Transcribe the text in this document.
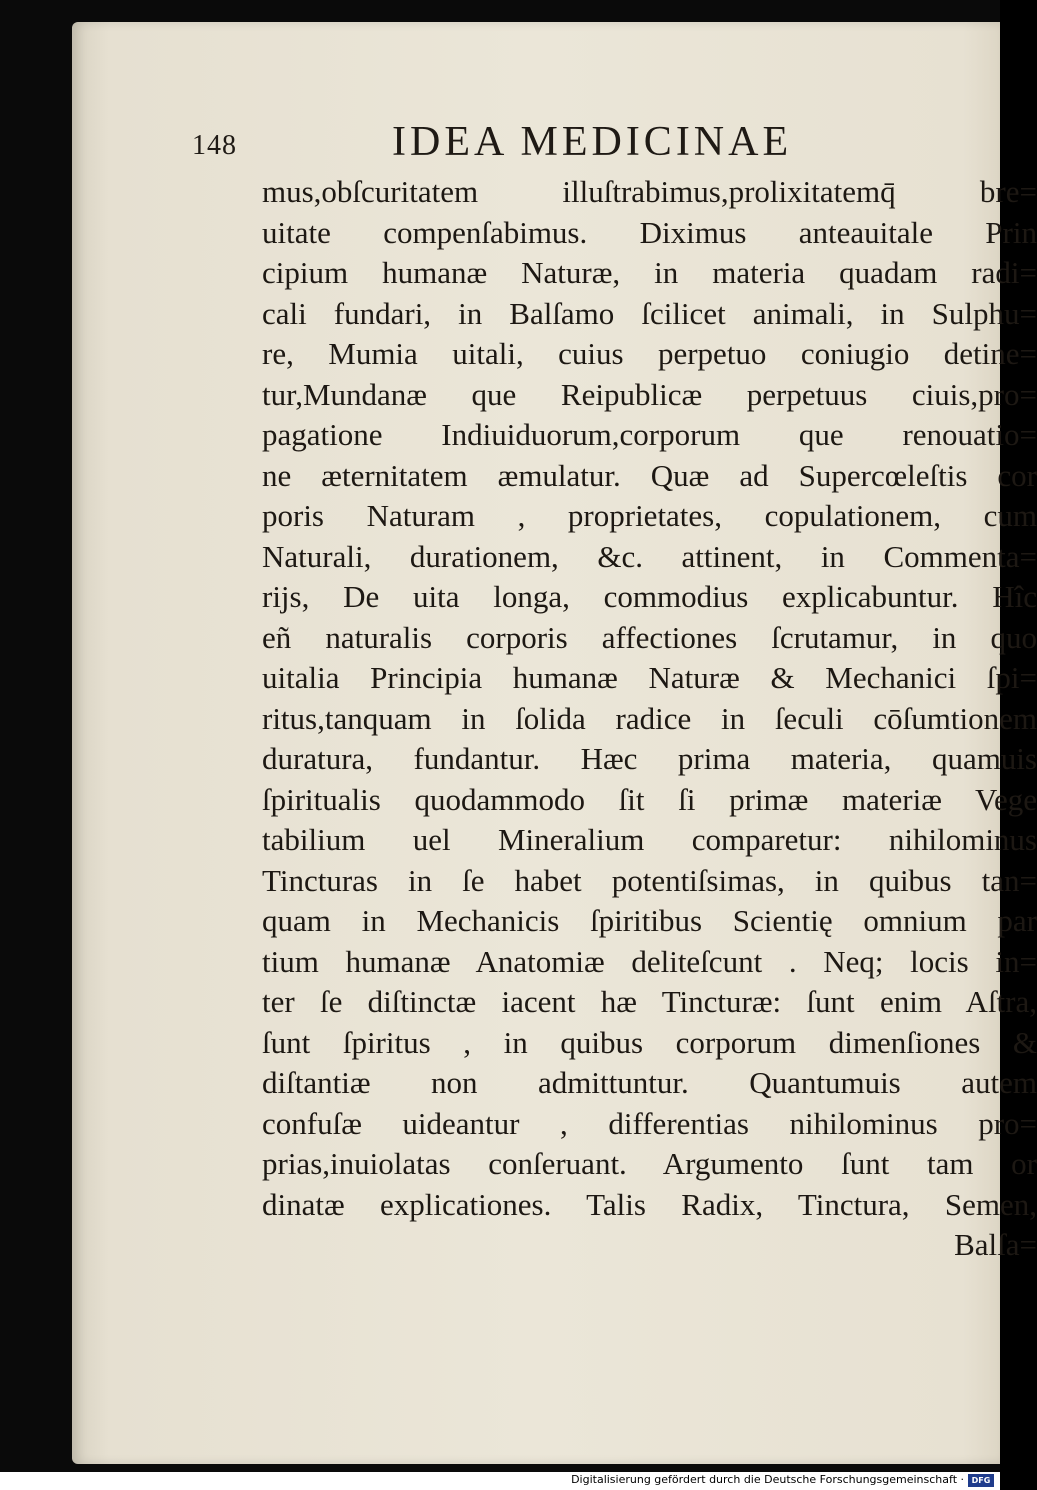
148	IDEA MEDICINAE
mus,obſcuritatem illuſtrabimus,prolixitatemq̄ bre=
uitate compenſabimus. Diximus anteauitale Prin
cipium humanæ Naturæ, in materia quadam radi=
cali fundari, in Balſamo ſcilicet animali, in Sulphu=
re, Mumia uitali, cuius perpetuo coniugio detine=
tur,Mundanæ que Reipublicæ perpetuus ciuis,pro=
pagatione Indiuiduorum,corporum que renouatio=
ne æternitatem æmulatur. Quæ ad Supercœleſtis cor
poris Naturam , proprietates, copulationem, cum
Naturali, durationem, &c. attinent, in Commenta=
rijs, De uita longa, commodius explicabuntur. Hîc
eñ naturalis corporis affectiones ſcrutamur, in quo
uitalia Principia humanæ Naturæ & Mechanici ſpi=
ritus,tanquam in ſolida radice in ſeculi cōſumtionem
duratura, fundantur. Hæc prima materia, quamuis
ſpiritualis quodammodo ſit ſi primæ materiæ Vege
tabilium uel Mineralium comparetur: nihilominus
Tincturas in ſe habet potentiſsimas, in quibus tan=
quam in Mechanicis ſpiritibus Scientię omnium par
tium humanæ Anatomiæ deliteſcunt . Neq; locis in=
ter ſe diſtinctæ iacent hæ Tincturæ: ſunt enim Aſtra,
ſunt ſpiritus , in quibus corporum dimenſiones &
diſtantiæ non admittuntur. Quantumuis autem
confuſæ uideantur , differentias nihilominus pro=
prias,inuiolatas conſeruant. Argumento ſunt tam or
dinatæ explicationes. Talis Radix, Tinctura, Semen,
Balſa=
Digitalisierung gefördert durch die Deutsche Forschungsgemeinschaft · DFG
